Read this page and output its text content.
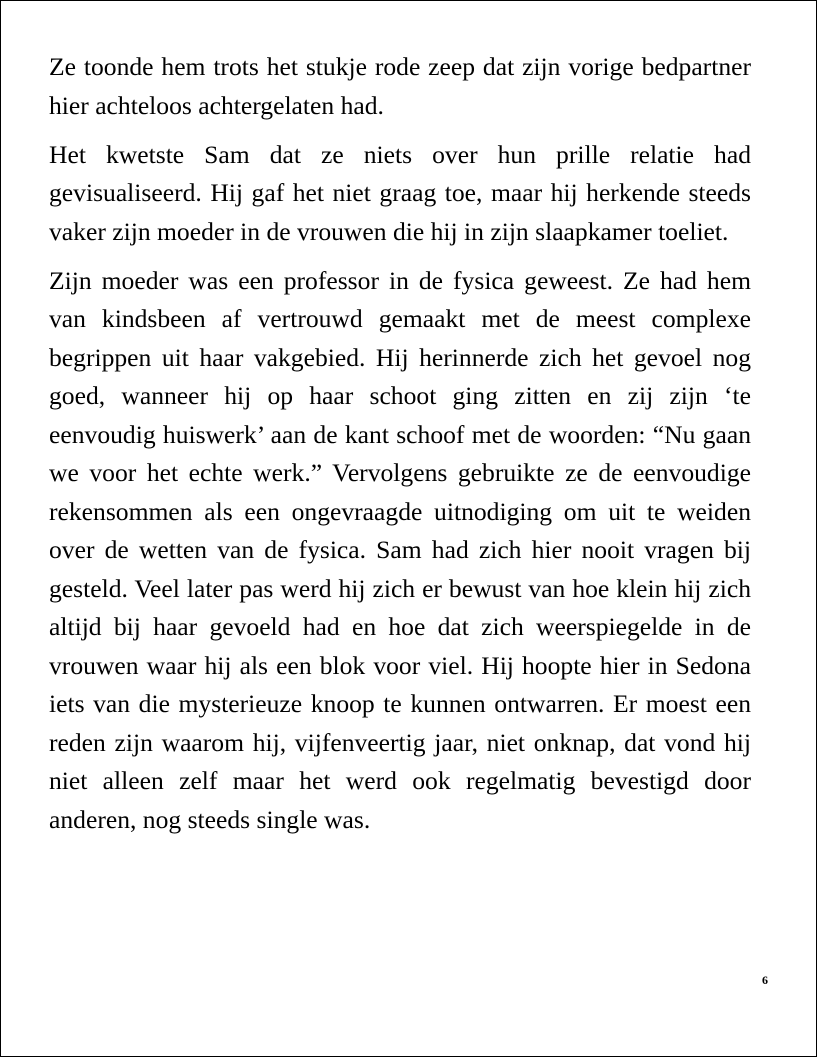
Ze toonde hem trots het stukje rode zeep dat zijn vorige bedpartner hier achteloos achtergelaten had.

Het kwetste Sam dat ze niets over hun prille relatie had gevisualiseerd. Hij gaf het niet graag toe, maar hij herkende steeds vaker zijn moeder in de vrouwen die hij in zijn slaapkamer toeliet.

Zijn moeder was een professor in de fysica geweest. Ze had hem van kindsbeen af vertrouwd gemaakt met de meest complexe begrippen uit haar vakgebied. Hij herinnerde zich het gevoel nog goed, wanneer hij op haar schoot ging zitten en zij zijn ‘te eenvoudig huiswerk’ aan de kant schoof met de woorden: “Nu gaan we voor het echte werk.” Vervolgens gebruikte ze de eenvoudige rekensommen als een ongevraagde uitnodiging om uit te weiden over de wetten van de fysica. Sam had zich hier nooit vragen bij gesteld. Veel later pas werd hij zich er bewust van hoe klein hij zich altijd bij haar gevoeld had en hoe dat zich weerspiegelde in de vrouwen waar hij als een blok voor viel. Hij hoopte hier in Sedona iets van die mysterieuze knoop te kunnen ontwarren. Er moest een reden zijn waarom hij, vijfenveertig jaar, niet onknap, dat vond hij niet alleen zelf maar het werd ook regelmatig bevestigd door anderen, nog steeds single was.

6
